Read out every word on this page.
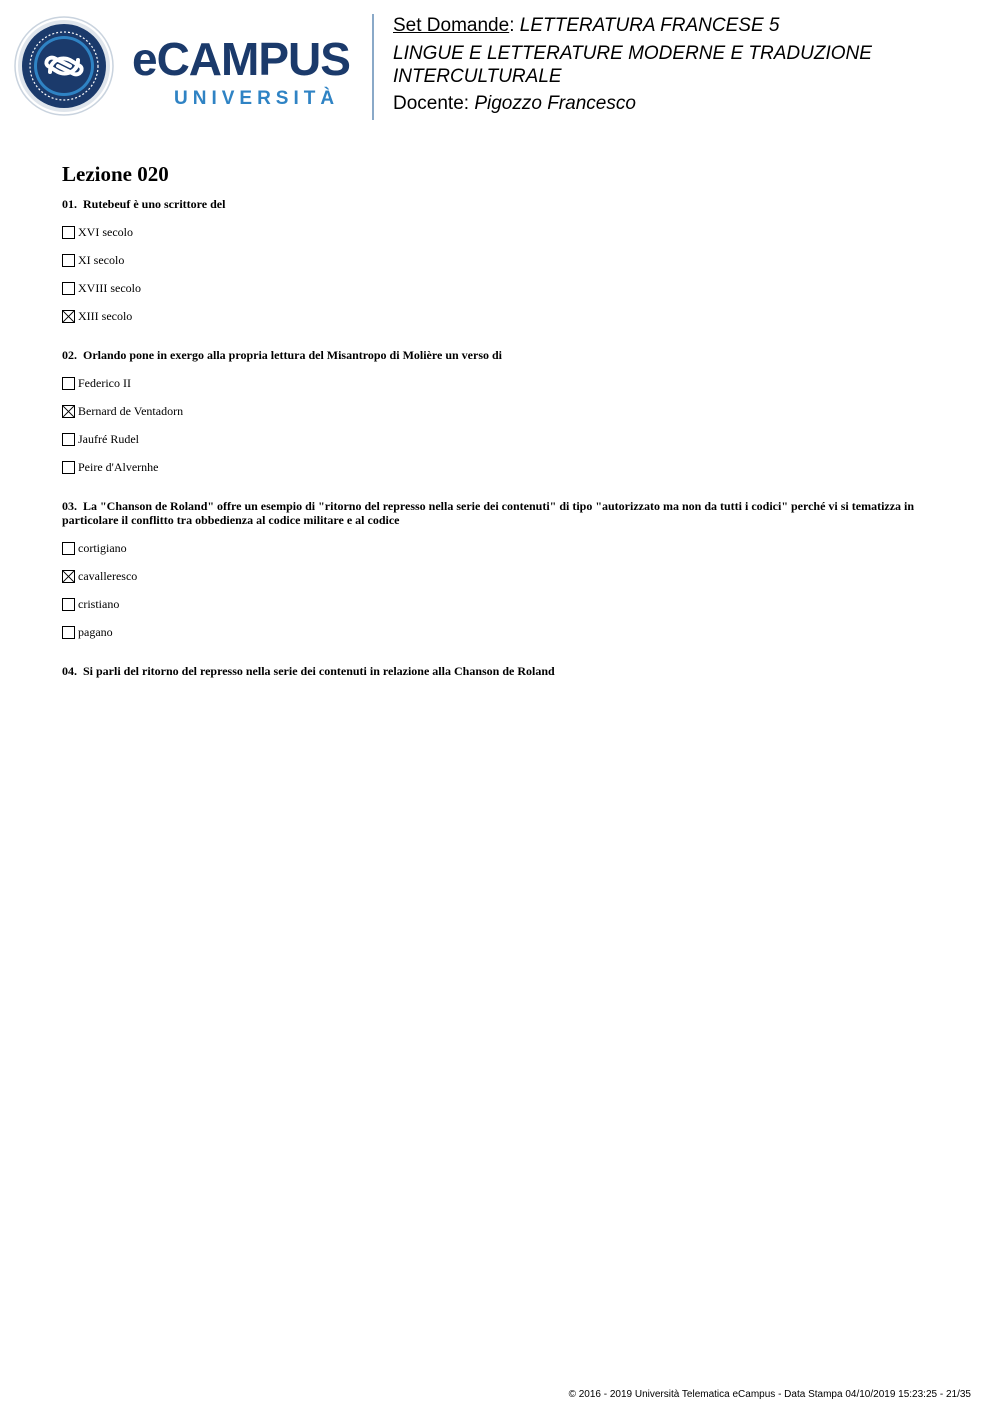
eCAMPUS
UNIVERSITÀ
Set Domande: LETTERATURA FRANCESE 5
LINGUE E LETTERATURE MODERNE E TRADUZIONE INTERCULTURALE
Docente: Pigozzo Francesco
Lezione 020
01. Rutebeuf è uno scrittore del
XVI secolo
XI secolo
XVIII secolo
XIII secolo
02. Orlando pone in exergo alla propria lettura del Misantropo di Molière un verso di
Federico II
Bernard de Ventadorn
Jaufré Rudel
Peire d'Alvernhe
03. La "Chanson de Roland" offre un esempio di "ritorno del represso nella serie dei contenuti" di tipo "autorizzato ma non da tutti i codici" perché vi si tematizza in particolare il conflitto tra obbedienza al codice militare e al codice
cortigiano
cavalleresco
cristiano
pagano
04. Si parli del ritorno del represso nella serie dei contenuti in relazione alla Chanson de Roland
© 2016 - 2019 Università Telematica eCampus - Data Stampa 04/10/2019 15:23:25 - 21/35
